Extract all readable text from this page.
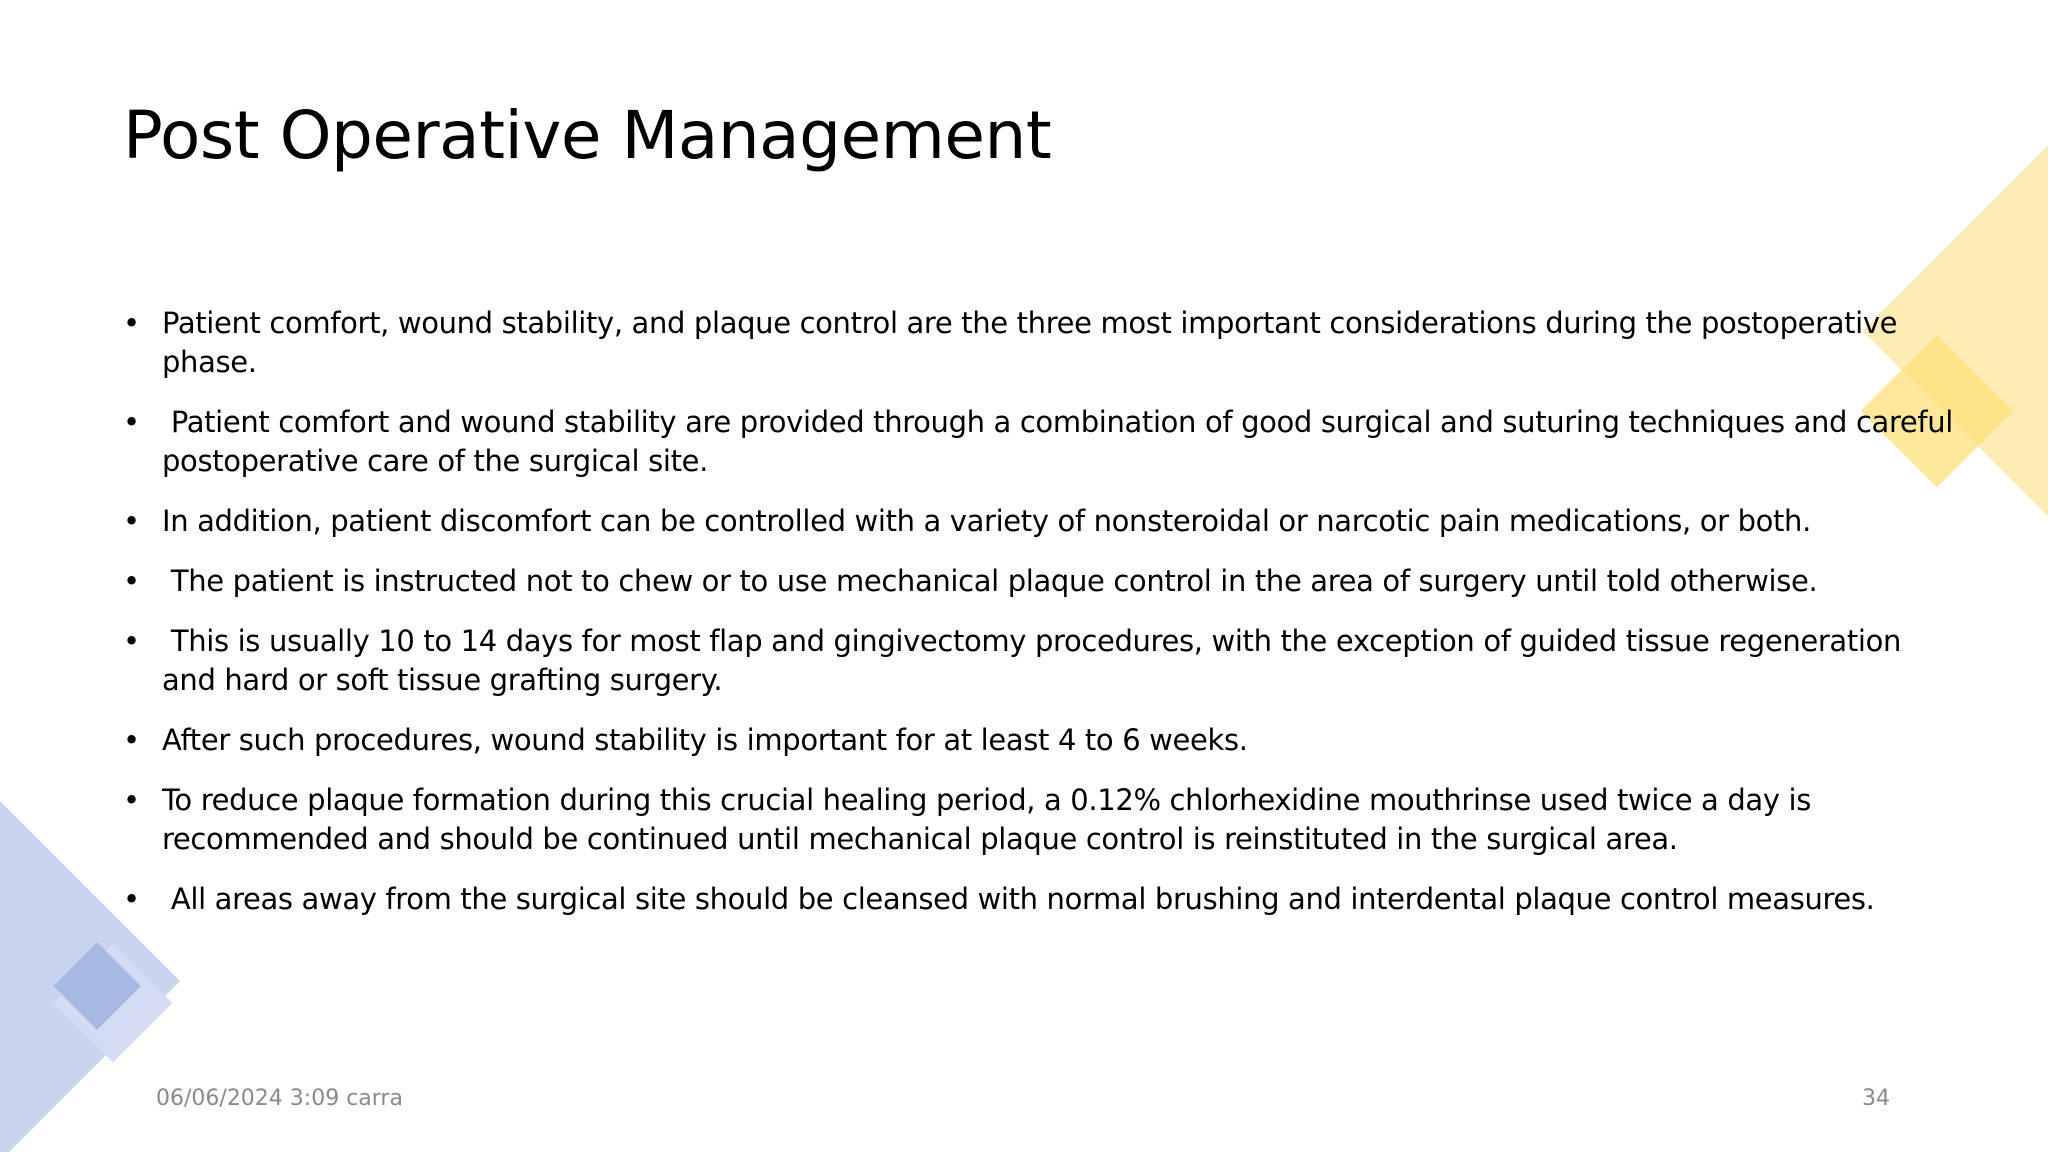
Post Operative Management
• Patient comfort, wound stability, and plaque control are the three most important considerations during the postoperative phase.
• Patient comfort and wound stability are provided through a combination of good surgical and suturing techniques and careful postoperative care of the surgical site.
• In addition, patient discomfort can be controlled with a variety of nonsteroidal or narcotic pain medications, or both.
• The patient is instructed not to chew or to use mechanical plaque control in the area of surgery until told otherwise.
• This is usually 10 to 14 days for most flap and gingivectomy procedures, with the exception of guided tissue regeneration and hard or soft tissue grafting surgery.
• After such procedures, wound stability is important for at least 4 to 6 weeks.
• To reduce plaque formation during this crucial healing period, a 0.12% chlorhexidine mouthrinse used twice a day is recommended and should be continued until mechanical plaque control is reinstituted in the surgical area.
• All areas away from the surgical site should be cleansed with normal brushing and interdental plaque control measures.
06/06/2024 3:09 carra	34
